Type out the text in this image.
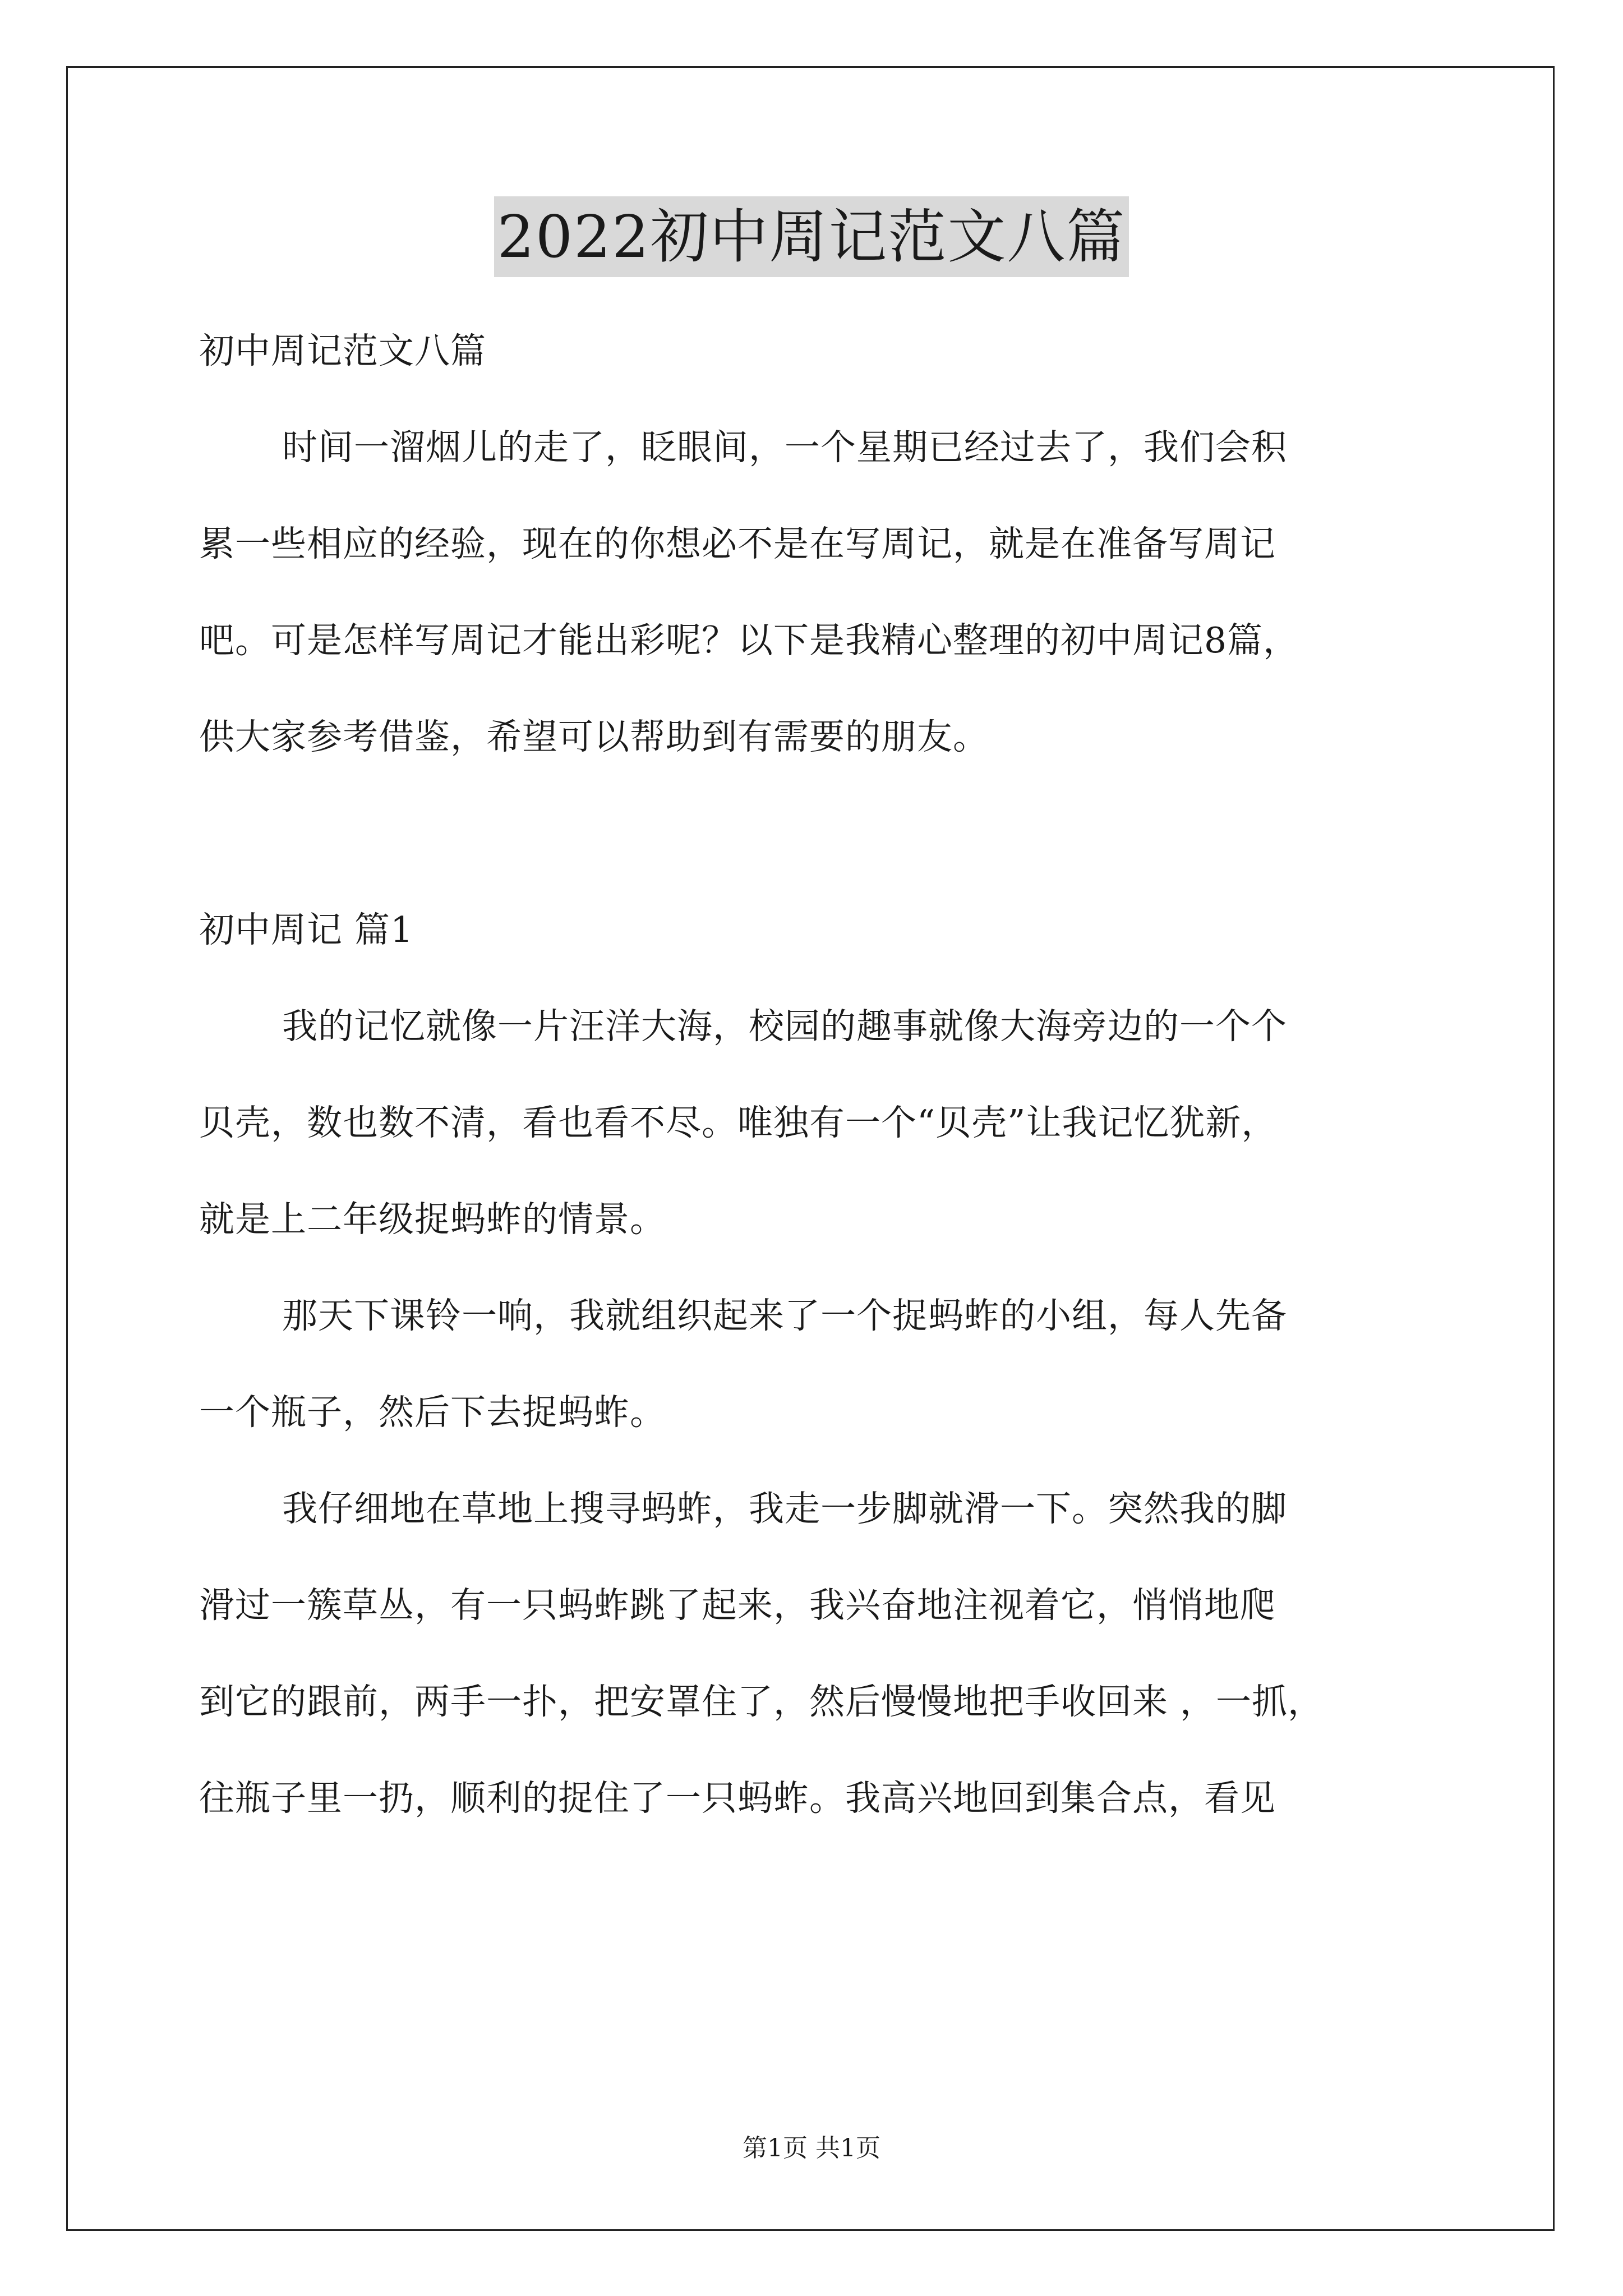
2022初中周记范文八篇
初中周记范文八篇
时间一溜烟儿的走了，眨眼间，一个星期已经过去了，我们会积
累一些相应的经验，现在的你想必不是在写周记，就是在准备写周记
吧。可是怎样写周记才能出彩呢？以下是我精心整理的初中周记8篇，
供大家参考借鉴，希望可以帮助到有需要的朋友。
初中周记 篇1
我的记忆就像一片汪洋大海，校园的趣事就像大海旁边的一个个
贝壳，数也数不清，看也看不尽。唯独有一个“贝壳”让我记忆犹新，
就是上二年级捉蚂蚱的情景。
那天下课铃一响，我就组织起来了一个捉蚂蚱的小组，每人先备
一个瓶子，然后下去捉蚂蚱。
我仔细地在草地上搜寻蚂蚱，我走一步脚就滑一下。突然我的脚
滑过一簇草丛，有一只蚂蚱跳了起来，我兴奋地注视着它，悄悄地爬
到它的跟前，两手一扑，把安罩住了，然后慢慢地把手收回来 ，一抓，
往瓶子里一扔，顺利的捉住了一只蚂蚱。我高兴地回到集合点，看见
第1页 共1页
